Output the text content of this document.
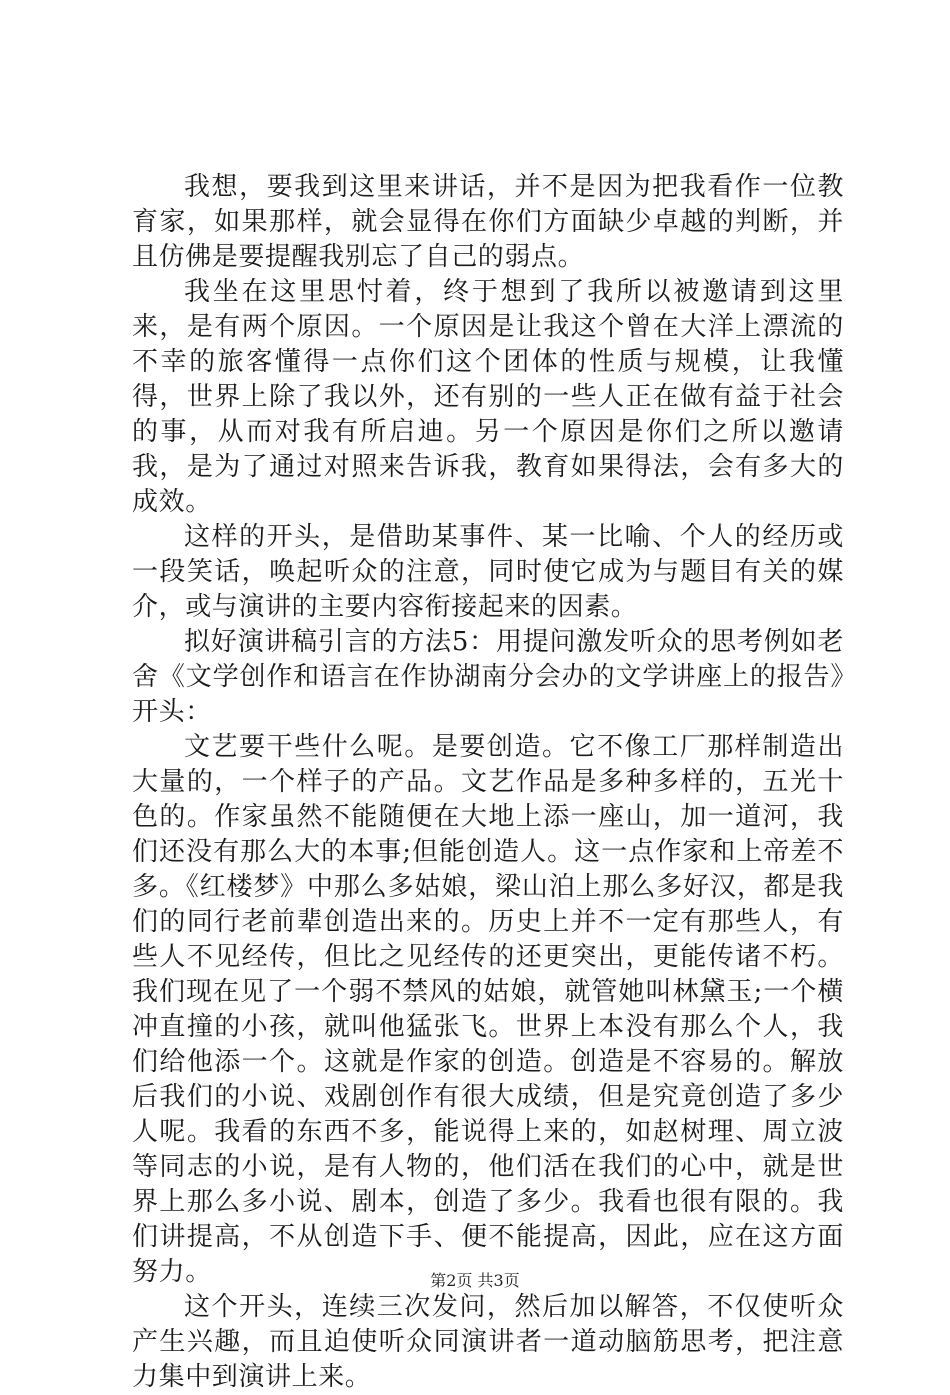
我想，要我到这里来讲话，并不是因为把我看作一位教育家，如果那样，就会显得在你们方面缺少卓越的判断，并且仿佛是要提醒我别忘了自己的弱点。

我坐在这里思忖着，终于想到了我所以被邀请到这里来，是有两个原因。一个原因是让我这个曾在大洋上漂流的不幸的旅客懂得一点你们这个团体的性质与规模，让我懂得，世界上除了我以外，还有别的一些人正在做有益于社会的事，从而对我有所启迪。另一个原因是你们之所以邀请我，是为了通过对照来告诉我，教育如果得法，会有多大的成效。

这样的开头，是借助某事件、某一比喻、个人的经历或一段笑话，唤起听众的注意，同时使它成为与题目有关的媒介，或与演讲的主要内容衔接起来的因素。

拟好演讲稿引言的方法5：用提问激发听众的思考例如老舍《文学创作和语言在作协湖南分会办的文学讲座上的报告》开头：

文艺要干些什么呢。是要创造。它不像工厂那样制造出大量的，一个样子的产品。文艺作品是多种多样的，五光十色的。作家虽然不能随便在大地上添一座山，加一道河，我们还没有那么大的本事;但能创造人。这一点作家和上帝差不多。《红楼梦》中那么多姑娘，梁山泊上那么多好汉，都是我们的同行老前辈创造出来的。历史上并不一定有那些人，有些人不见经传，但比之见经传的还更突出，更能传诸不朽。我们现在见了一个弱不禁风的姑娘，就管她叫林黛玉;一个横冲直撞的小孩，就叫他猛张飞。世界上本没有那么个人，我们给他添一个。这就是作家的创造。创造是不容易的。解放后我们的小说、戏剧创作有很大成绩，但是究竟创造了多少人呢。我看的东西不多，能说得上来的，如赵树理、周立波等同志的小说，是有人物的，他们活在我们的心中，就是世界上那么多小说、剧本，创造了多少。我看也很有限的。我们讲提高，不从创造下手、便不能提高，因此，应在这方面努力。

这个开头，连续三次发问，然后加以解答，不仅使听众产生兴趣，而且迫使听众同演讲者一道动脑筋思考，把注意力集中到演讲上来。

第2页 共3页
